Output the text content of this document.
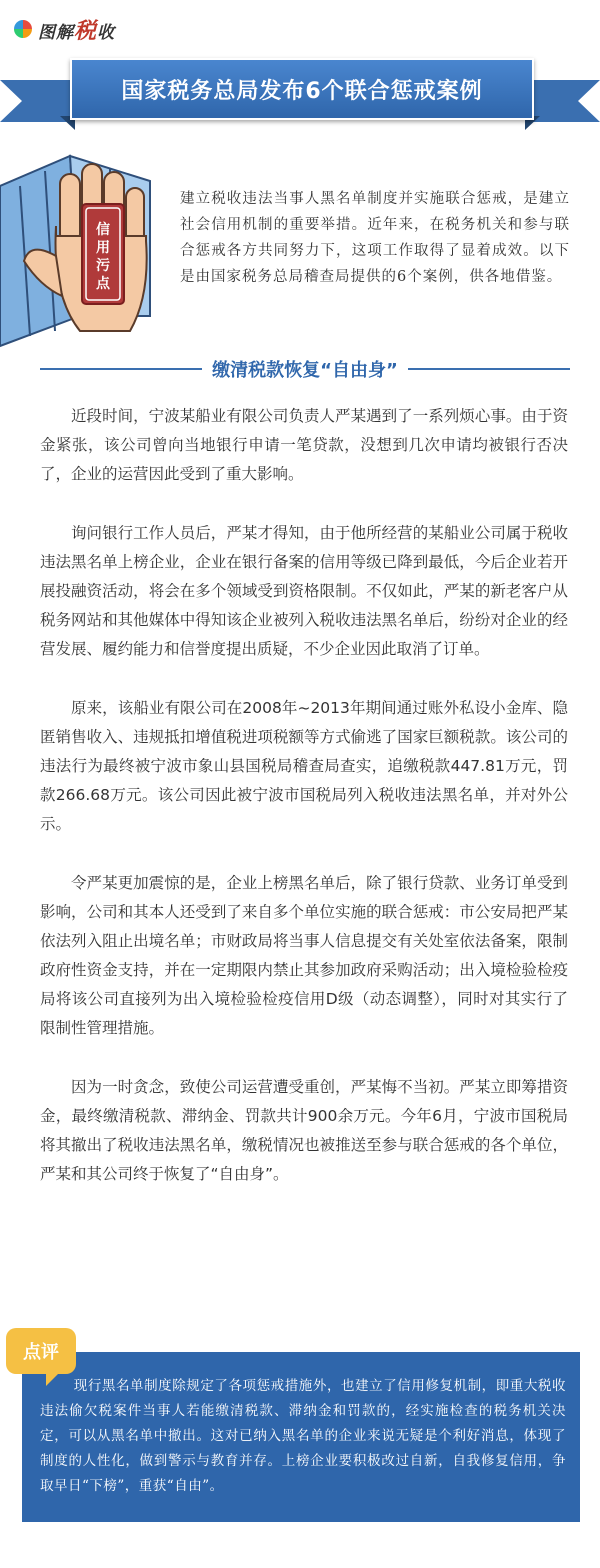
图解税收
国家税务总局发布6个联合惩戒案例
信
用
污
点
建立税收违法当事人黑名单制度并实施联合惩戒，是建立社会信用机制的重要举措。近年来，在税务机关和参与联合惩戒各方共同努力下，这项工作取得了显着成效。以下是由国家税务总局稽查局提供的6个案例，供各地借鉴。
缴清税款恢复“自由身”

近段时间，宁波某船业有限公司负责人严某遇到了一系列烦心事。由于资金紧张，该公司曾向当地银行申请一笔贷款，没想到几次申请均被银行否决了，企业的运营因此受到了重大影响。

询问银行工作人员后，严某才得知，由于他所经营的某船业公司属于税收违法黑名单上榜企业，企业在银行备案的信用等级已降到最低，今后企业若开展投融资活动，将会在多个领域受到资格限制。不仅如此，严某的新老客户从税务网站和其他媒体中得知该企业被列入税收违法黑名单后，纷纷对企业的经营发展、履约能力和信誉度提出质疑，不少企业因此取消了订单。

原来，该船业有限公司在2008年~2013年期间通过账外私设小金库、隐匿销售收入、违规抵扣增值税进项税额等方式偷逃了国家巨额税款。该公司的违法行为最终被宁波市象山县国税局稽查局查实，追缴税款447.81万元，罚款266.68万元。该公司因此被宁波市国税局列入税收违法黑名单，并对外公示。

令严某更加震惊的是，企业上榜黑名单后，除了银行贷款、业务订单受到影响，公司和其本人还受到了来自多个单位实施的联合惩戒：市公安局把严某依法列入阻止出境名单；市财政局将当事人信息提交有关处室依法备案，限制政府性资金支持，并在一定期限内禁止其参加政府采购活动；出入境检验检疫局将该公司直接列为出入境检验检疫信用D级（动态调整），同时对其实行了限制性管理措施。

因为一时贪念，致使公司运营遭受重创，严某悔不当初。严某立即筹措资金，最终缴清税款、滞纳金、罚款共计900余万元。今年6月，宁波市国税局将其撤出了税收违法黑名单，缴税情况也被推送至参与联合惩戒的各个单位，严某和其公司终于恢复了“自由身”。

现行黑名单制度除规定了各项惩戒措施外，也建立了信用修复机制，即重大税收违法偷欠税案件当事人若能缴清税款、滞纳金和罚款的，经实施检查的税务机关决定，可以从黑名单中撤出。这对已纳入黑名单的企业来说无疑是个利好消息，体现了制度的人性化，做到警示与教育并存。上榜企业要积极改过自新，自我修复信用，争取早日“下榜”，重获“自由”。
点评
